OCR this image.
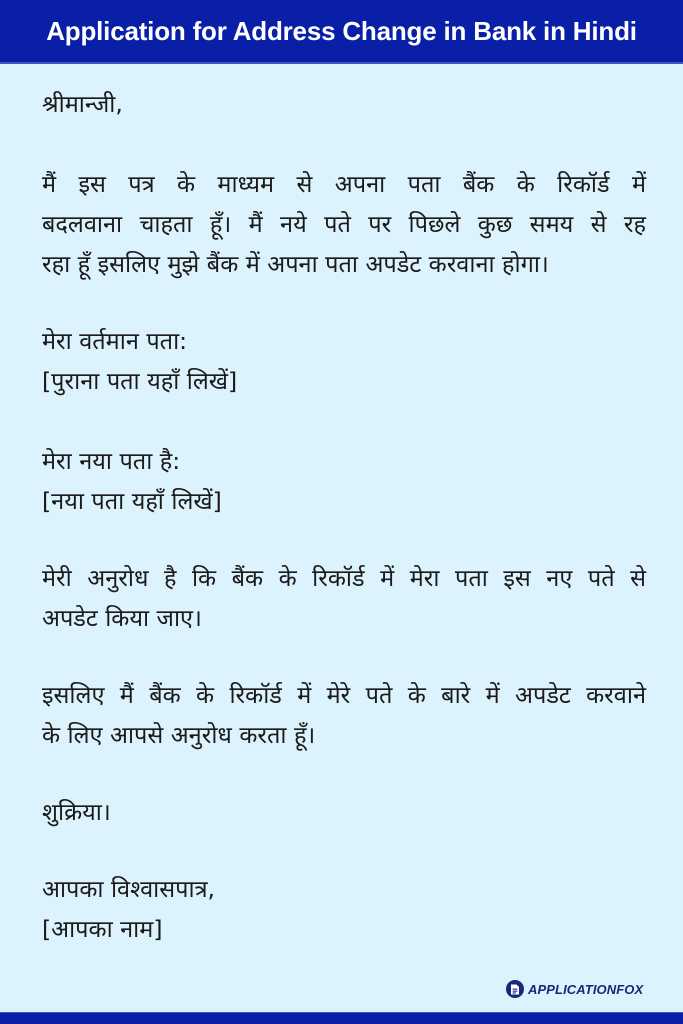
Application for Address Change in Bank in Hindi
श्रीमान्जी,
मैं इस पत्र के माध्यम से अपना पता बैंक के रिकॉर्ड में
बदलवाना चाहता हूँ। मैं नये पते पर पिछले कुछ समय से रह
रहा हूँ इसलिए मुझे बैंक में अपना पता अपडेट करवाना होगा।
मेरा वर्तमान पता:
[पुराना पता यहाँ लिखें]
मेरा नया पता है:
[नया पता यहाँ लिखें]
मेरी अनुरोध है कि बैंक के रिकॉर्ड में मेरा पता इस नए पते से
अपडेट किया जाए।
इसलिए मैं बैंक के रिकॉर्ड में मेरे पते के बारे में अपडेट करवाने
के लिए आपसे अनुरोध करता हूँ।
शुक्रिया।
आपका विश्वासपात्र,
[आपका नाम]
APPLICATIONFOX
